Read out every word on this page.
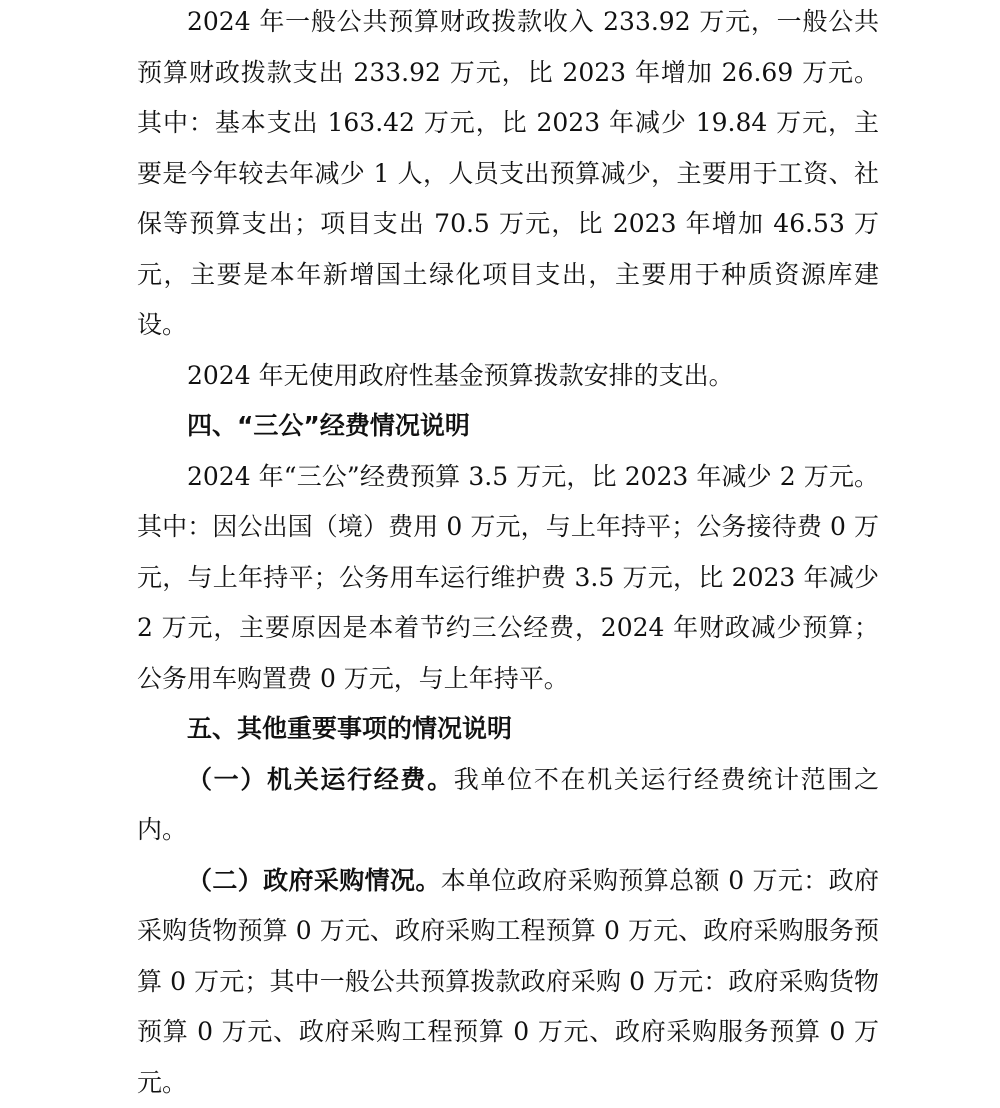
2024 年一般公共预算财政拨款收入 233.92 万元，一般公共预算财政拨款支出 233.92 万元，比 2023 年增加 26.69 万元。其中：基本支出 163.42 万元，比 2023 年减少 19.84 万元，主要是今年较去年减少 1 人，人员支出预算减少，主要用于工资、社保等预算支出；项目支出 70.5 万元，比 2023 年增加 46.53 万元，主要是本年新增国土绿化项目支出，主要用于种质资源库建设。

2024 年无使用政府性基金预算拨款安排的支出。

四、“三公”经费情况说明

2024 年“三公”经费预算 3.5 万元，比 2023 年减少 2 万元。其中：因公出国（境）费用 0 万元，与上年持平；公务接待费 0 万元，与上年持平；公务用车运行维护费 3.5 万元，比 2023 年减少 2 万元，主要原因是本着节约三公经费，2024 年财政减少预算；公务用车购置费 0 万元，与上年持平。

五、其他重要事项的情况说明

（一）机关运行经费。我单位不在机关运行经费统计范围之内。

（二）政府采购情况。本单位政府采购预算总额 0 万元：政府采购货物预算 0 万元、政府采购工程预算 0 万元、政府采购服务预算 0 万元；其中一般公共预算拨款政府采购 0 万元：政府采购货物预算 0 万元、政府采购工程预算 0 万元、政府采购服务预算 0 万元。
